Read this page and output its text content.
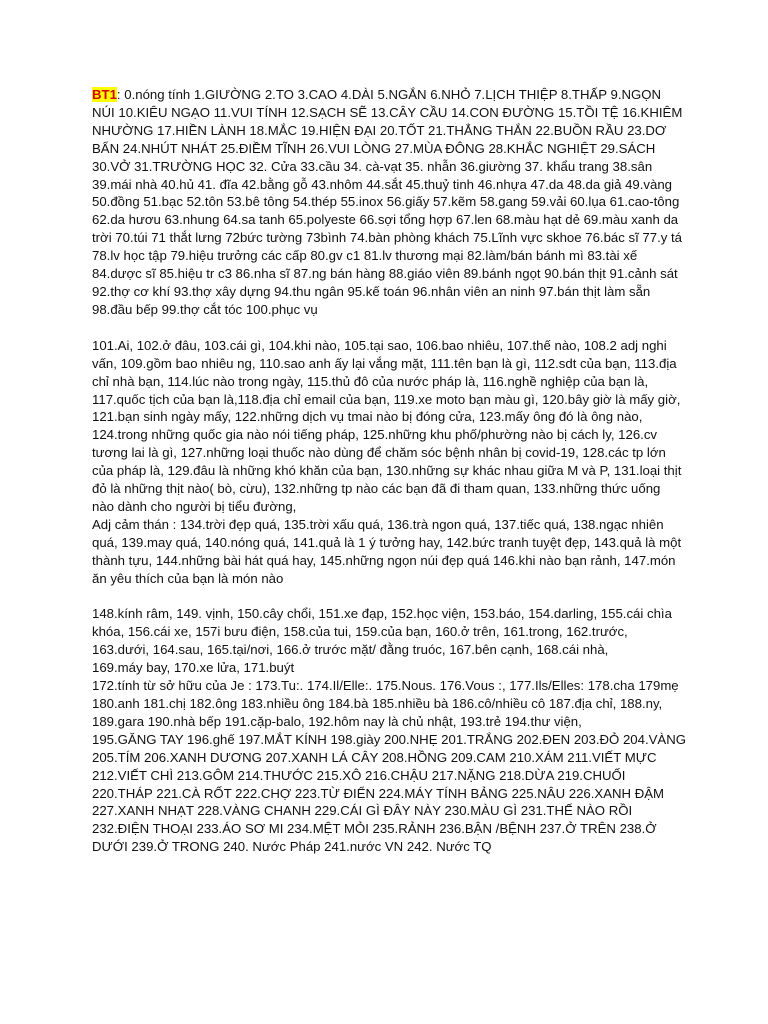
BT1: 0.nóng tính 1.GIƯỜNG 2.TO 3.CAO 4.DÀI 5.NGẮN 6.NHỎ 7.LỊCH THIỆP 8.THẤP 9.NGỌN NÚI 10.KIÊU NGẠO 11.VUI TÍNH 12.SẠCH SẼ 13.CÂY CẦU 14.CON ĐƯỜNG 15.TỒI TỆ 16.KHIÊM NHƯỜNG 17.HIỀN LÀNH 18.MẮC 19.HIỆN ĐẠI 20.TỐT 21.THẲNG THẮN 22.BUỒN RẦU 23.DƠ BẨN 24.NHÚT NHÁT 25.ĐIỀM TĨNH 26.VUI LÒNG 27.MÙA ĐÔNG 28.KHẮC NGHIỆT 29.SÁCH 30.VỞ 31.TRƯỜNG HỌC 32. Cửa 33.cầu 34. cà-vạt 35. nhẫn 36.giường 37. khẩu trang 38.sân 39.mái nhà 40.hủ 41. đĩa 42.bằng gỗ 43.nhôm 44.sắt 45.thuỷ tinh 46.nhựa 47.da 48.da giả 49.vàng 50.đồng 51.bạc 52.tôn 53.bê tông 54.thép 55.inox 56.giấy 57.kẽm 58.gang 59.vải 60.lụa 61.cao-tông 62.da hươu 63.nhung 64.sa tanh 65.polyeste 66.sợi tổng hợp 67.len 68.màu hạt dẻ 69.màu xanh da trời 70.túi 71 thắt lưng 72bức tường 73bình 74.bàn phòng khách 75.Lĩnh vực skhoe 76.bác sĩ 77.y tá 78.lv học tập 79.hiệu trưởng các cấp 80.gv c1 81.lv thương mại 82.làm/bán bánh mì 83.tài xế 84.dược sĩ 85.hiệu tr c3 86.nha sĩ 87.ng bán hàng 88.giáo viên 89.bánh ngọt 90.bán thịt 91.cảnh sát 92.thợ cơ khí 93.thợ xây dựng 94.thu ngân 95.kế toán 96.nhân viên an ninh 97.bán thịt làm sẵn 98.đầu bếp 99.thợ cắt tóc 100.phục vụ

101.Ai, 102.ở đâu, 103.cái gì, 104.khi nào, 105.tại sao, 106.bao nhiêu, 107.thế nào, 108.2 adj nghi vấn, 109.gồm bao nhiêu ng, 110.sao anh ấy lại vắng mặt, 111.tên bạn là gì, 112.sdt của bạn, 113.địa chỉ nhà bạn, 114.lúc nào trong ngày, 115.thủ đô của nước pháp là, 116.nghề nghiệp của bạn là, 117.quốc tịch của bạn là,118.địa chỉ email của bạn, 119.xe moto bạn màu gì, 120.bây giờ là mấy giờ, 121.bạn sinh ngày mấy, 122.những dịch vụ tmai nào bị đóng cửa, 123.mấy ông đó là ông nào, 124.trong những quốc gia nào nói tiếng pháp, 125.những khu phố/phường nào bị cách ly, 126.cv tương lai là gì, 127.những loại thuốc nào dùng để chăm sóc bệnh nhân bị covid-19, 128.các tp lớn của pháp là, 129.đâu là những khó khăn của bạn, 130.những sự khác nhau giữa M và P, 131.loại thịt đỏ là những thịt nào( bò, cừu), 132.những tp nào các bạn đã đi tham quan, 133.những thức uống nào dành cho người bị tiểu đường,
Adj cảm thán : 134.trời đẹp quá, 135.trời xấu quá, 136.trà ngon quá, 137.tiếc quá, 138.ngạc nhiên quá, 139.may quá, 140.nóng quá, 141.quả là 1 ý tưởng hay, 142.bức tranh tuyệt đẹp, 143.quả là một thành tựu, 144.những bài hát quá hay, 145.những ngọn núi đẹp quá 146.khi nào bạn rảnh, 147.món ăn yêu thích của bạn là món nào

148.kính râm, 149. vịnh, 150.cây chổi, 151.xe đạp, 152.học viện, 153.báo, 154.darling, 155.cái chìa khóa, 156.cái xe, 157i bưu điện, 158.của tui, 159.của bạn, 160.ở trên, 161.trong, 162.trước, 163.dưới, 164.sau, 165.tại/nơi, 166.ở trước mặt/ đằng truóc, 167.bên cạnh, 168.cái nhà,
169.máy bay, 170.xe lửa, 171.buýt
172.tính từ sở hữu của Je : 173.Tu:. 174.Il/Elle:. 175.Nous. 176.Vous :, 177.Ils/Elles: 178.cha 179mẹ 180.anh 181.chị 182.ông 183.nhiều ông 184.bà 185.nhiều bà 186.cô/nhiều cô 187.địa chỉ, 188.ny, 189.gara 190.nhà bếp 191.cặp-balo, 192.hôm nay là chủ nhật, 193.trẻ 194.thư viện,
195.GĂNG TAY 196.ghế 197.MẮT KÍNH 198.giày 200.NHẸ 201.TRẮNG 202.ĐEN 203.ĐỎ 204.VÀNG 205.TÍM 206.XANH DƯƠNG 207.XANH LÁ CÂY 208.HỒNG 209.CAM 210.XÁM 211.VIẾT MỰC 212.VIẾT CHÌ 213.GÔM 214.THƯỚC 215.XÔ 216.CHẬU 217.NẶNG 218.DỪA 219.CHUỐI 220.THÁP 221.CÀ RỐT 222.CHỢ 223.TỪ ĐIỂN 224.MÁY TÍNH BẢNG 225.NÂU 226.XANH ĐẬM 227.XANH NHẠT 228.VÀNG CHANH 229.CÁI GÌ ĐÂY NÀY 230.MÀU GÌ 231.THẾ NÀO RỒI 232.ĐIỆN THOẠI 233.ÁO SƠ MI 234.MỆT MỎI 235.RẢNH 236.BẬN /BỆNH 237.Ở TRÊN 238.Ở DƯỚI 239.Ở TRONG 240. Nước Pháp 241.nước VN 242. Nước TQ
